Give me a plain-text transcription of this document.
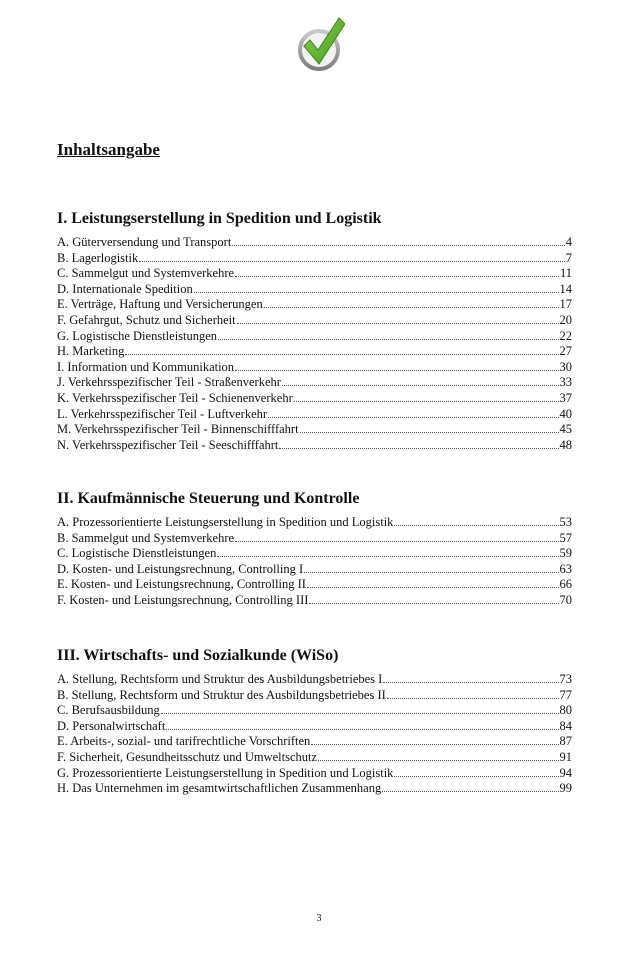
Inhaltsangabe
I. Leistungserstellung in Spedition und Logistik
A. Güterversendung und Transport	4
B. Lagerlogistik	7
C. Sammelgut und Systemverkehre	11
D. Internationale Spedition	14
E. Verträge, Haftung und Versicherungen	17
F. Gefahrgut, Schutz und Sicherheit	20
G. Logistische Dienstleistungen	22
H. Marketing	27
I. Information und Kommunikation	30
J. Verkehrsspezifischer Teil - Straßenverkehr	33
K. Verkehrsspezifischer Teil - Schienenverkehr	37
L. Verkehrsspezifischer Teil - Luftverkehr	40
M. Verkehrsspezifischer Teil - Binnenschifffahrt	45
N. Verkehrsspezifischer Teil - Seeschifffahrt	48
II. Kaufmännische Steuerung und Kontrolle
A. Prozessorientierte Leistungserstellung in Spedition und Logistik	53
B. Sammelgut und Systemverkehre	57
C. Logistische Dienstleistungen	59
D. Kosten- und Leistungsrechnung, Controlling I	63
E. Kosten- und Leistungsrechnung, Controlling II	66
F. Kosten- und Leistungsrechnung, Controlling III	70
III. Wirtschafts- und Sozialkunde (WiSo)
A. Stellung, Rechtsform und Struktur des Ausbildungsbetriebes I	73
B. Stellung, Rechtsform und Struktur des Ausbildungsbetriebes II	77
C. Berufsausbildung	80
D. Personalwirtschaft	84
E. Arbeits-, sozial- und tarifrechtliche Vorschriften	87
F. Sicherheit, Gesundheitsschutz und Umweltschutz	91
G. Prozessorientierte Leistungserstellung in Spedition und Logistik	94
H. Das Unternehmen im gesamtwirtschaftlichen Zusammenhang	99
3
